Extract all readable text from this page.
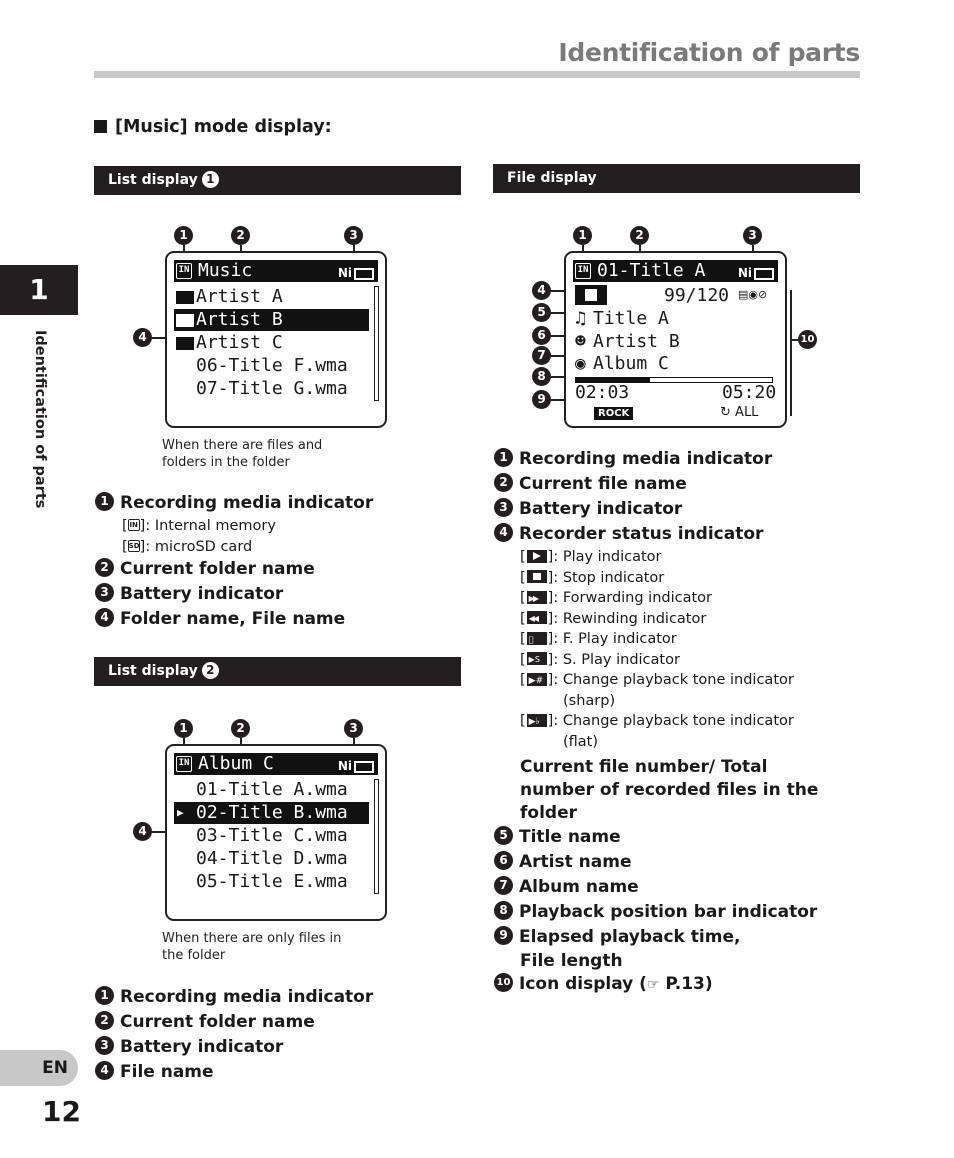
Identification of parts
1
Identification of parts
EN
12
[Music] mode display:
List display 1
1	2	3
4
IN Music	Ni
Artist A
Artist B
Artist C
06-Title F.wma
07-Title G.wma
When there are files and folders in the folder
1 Recording media indicator
[ IN ]: Internal memory
[SD]: microSD card
2 Current folder name
3 Battery indicator
4 Folder name, File name
List display 2
1	2	3
4
IN Album C	Ni
01-Title A.wma
▶ 02-Title B.wma
03-Title C.wma
04-Title D.wma
05-Title E.wma
When there are only files in the folder
1 Recording media indicator
2 Current folder name
3 Battery indicator
4 File name
File display
1	2	3
4
5
6
7
8
9
10
IN 01-Title A	Ni
99/120 ▤◉⊘
♫ Title A
☻ Artist B
◉ Album C
02:03	05:20
ROCK	↻ ALL
1 Recording media indicator
2 Current file name
3 Battery indicator
4 Recorder status indicator
[ ]: Play indicator
[ ]: Stop indicator
[ ▶▶ ]: Forwarding indicator
[ ◀◀ ]: Rewinding indicator
[ 𥭯 ]: F. Play indicator
[ ▶S ]: S. Play indicator
[ ▶# ]: Change playback tone indicator
(sharp)
[ ▶♭ ]: Change playback tone indicator
(flat)
Current file number/ Total number of recorded files in the folder
5 Title name
6 Artist name
7 Album name
8 Playback position bar indicator
9 Elapsed playback time,
File length
10 Icon display (☞ P.13)
